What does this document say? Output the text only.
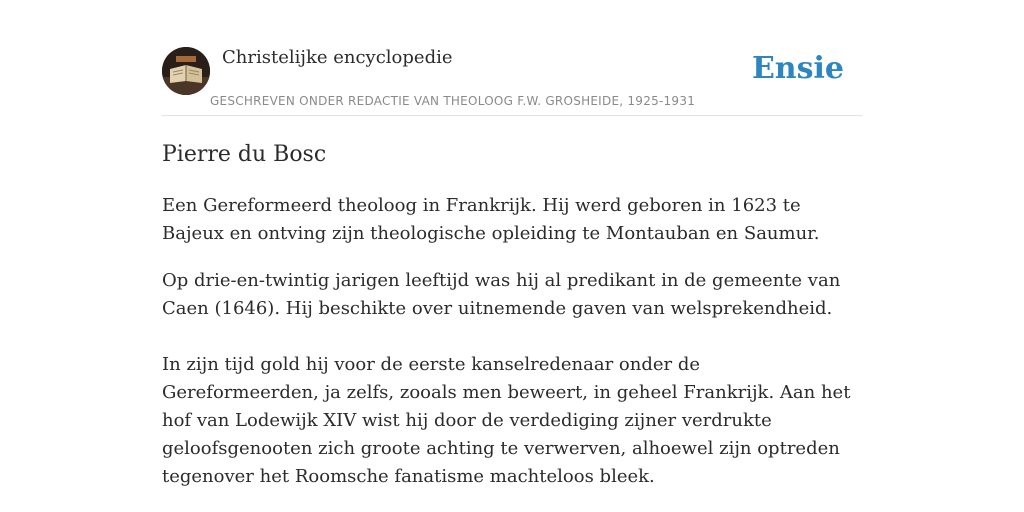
Christelijke encyclopedie
GESCHREVEN ONDER REDACTIE VAN THEOLOOG F.W. GROSHEIDE, 1925-1931
Ensie
Pierre du Bosc

Een Gereformeerd theoloog in Frankrijk. Hij werd geboren in 1623 te Bajeux en ontving zijn theologische opleiding te Montauban en Saumur.

Op drie-en-twintig jarigen leeftijd was hij al predikant in de gemeente van Caen (1646). Hij beschikte over uitnemende gaven van welsprekendheid.

In zijn tijd gold hij voor de eerste kanselredenaar onder de Gereformeerden, ja zelfs, zooals men beweert, in geheel Frankrijk. Aan het hof van Lodewijk XIV wist hij door de verdediging zijner verdrukte geloofsgenooten zich groote achting te verwerven, alhoewel zijn optreden tegenover het Roomsche fanatisme machteloos bleek.
